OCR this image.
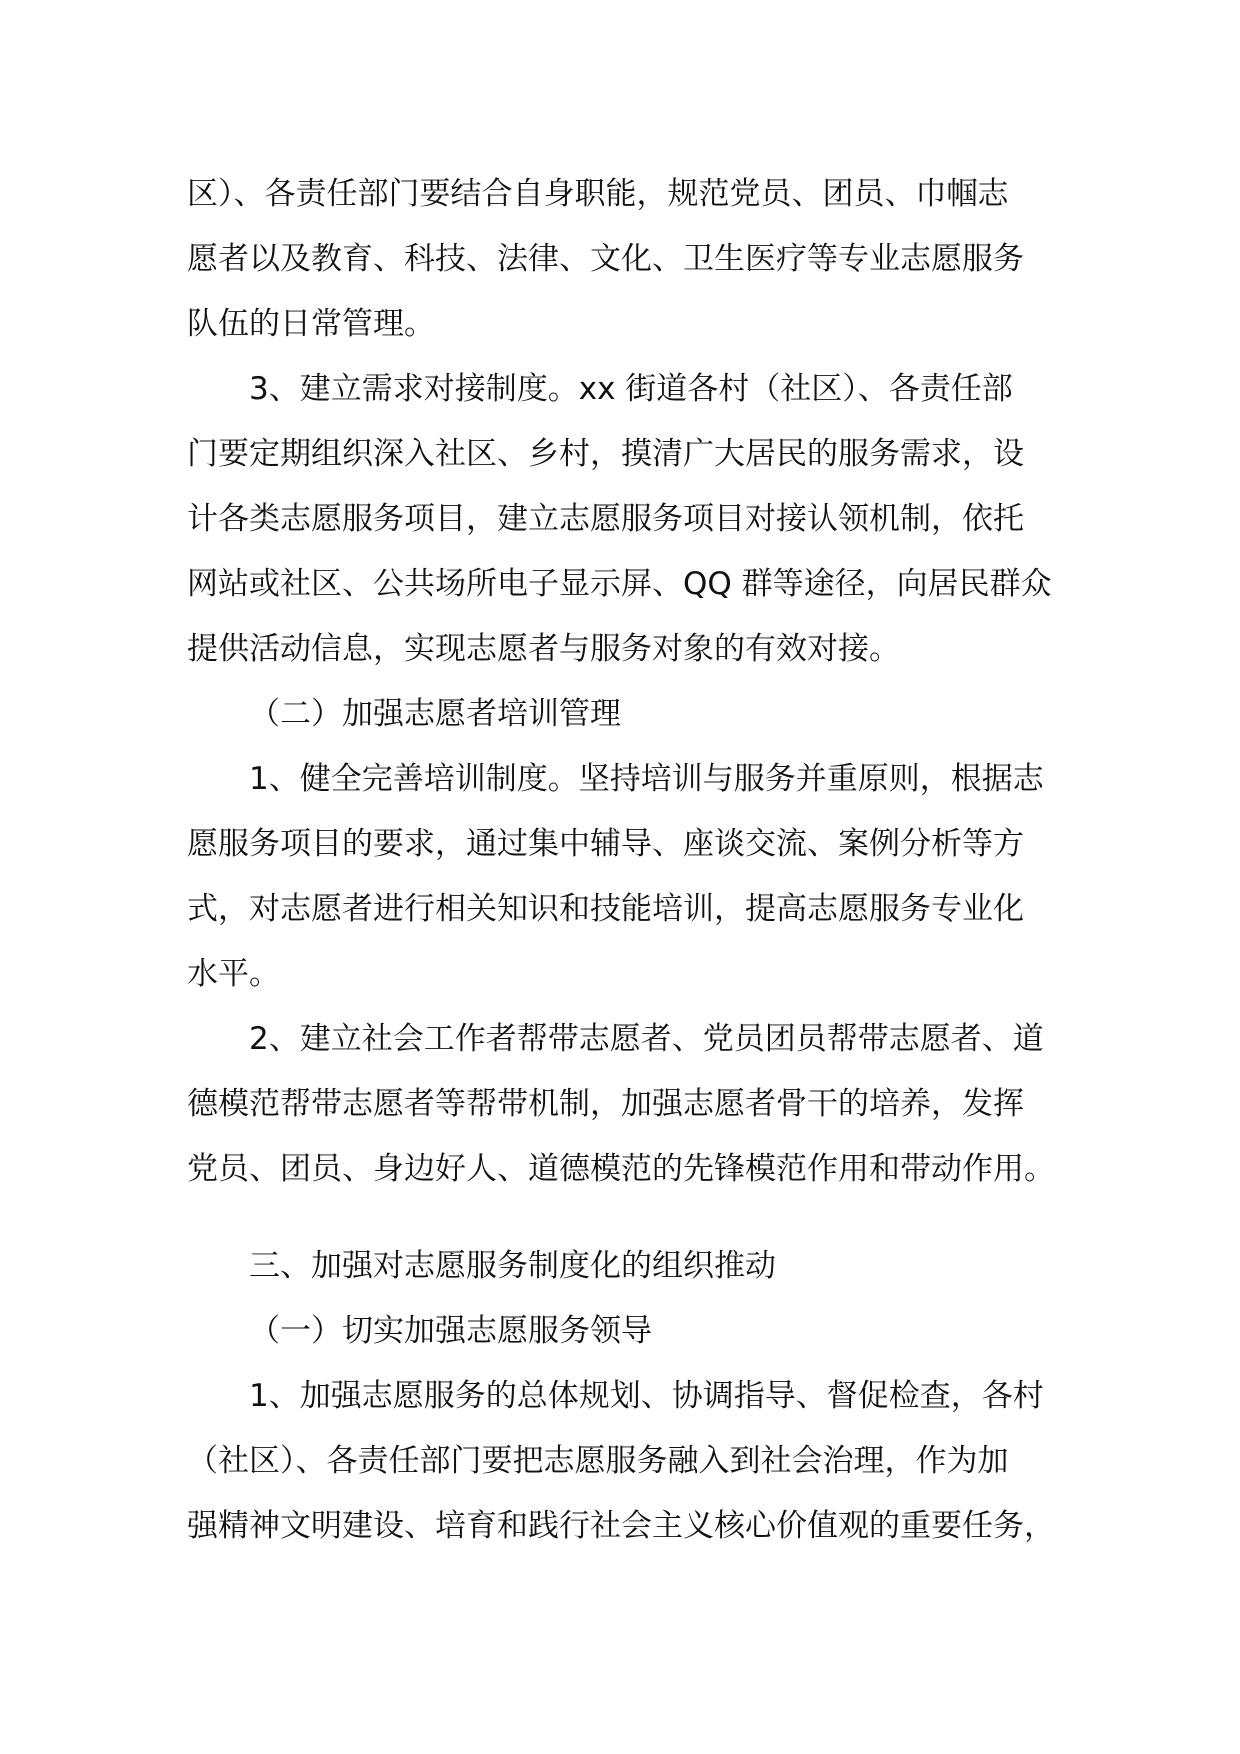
区）、各责任部门要结合自身职能，规范党员、团员、巾帼志
愿者以及教育、科技、法律、文化、卫生医疗等专业志愿服务
队伍的日常管理。
3、建立需求对接制度。xx 街道各村（社区）、各责任部
门要定期组织深入社区、乡村，摸清广大居民的服务需求，设
计各类志愿服务项目，建立志愿服务项目对接认领机制，依托
网站或社区、公共场所电子显示屏、QQ 群等途径，向居民群众
提供活动信息，实现志愿者与服务对象的有效对接。
（二）加强志愿者培训管理
1、健全完善培训制度。坚持培训与服务并重原则，根据志
愿服务项目的要求，通过集中辅导、座谈交流、案例分析等方
式，对志愿者进行相关知识和技能培训，提高志愿服务专业化
水平。
2、建立社会工作者帮带志愿者、党员团员帮带志愿者、道
德模范帮带志愿者等帮带机制，加强志愿者骨干的培养，发挥
党员、团员、身边好人、道德模范的先锋模范作用和带动作用。
三、加强对志愿服务制度化的组织推动
（一）切实加强志愿服务领导
1、加强志愿服务的总体规划、协调指导、督促检查，各村
（社区）、各责任部门要把志愿服务融入到社会治理，作为加
强精神文明建设、培育和践行社会主义核心价值观的重要任务，
